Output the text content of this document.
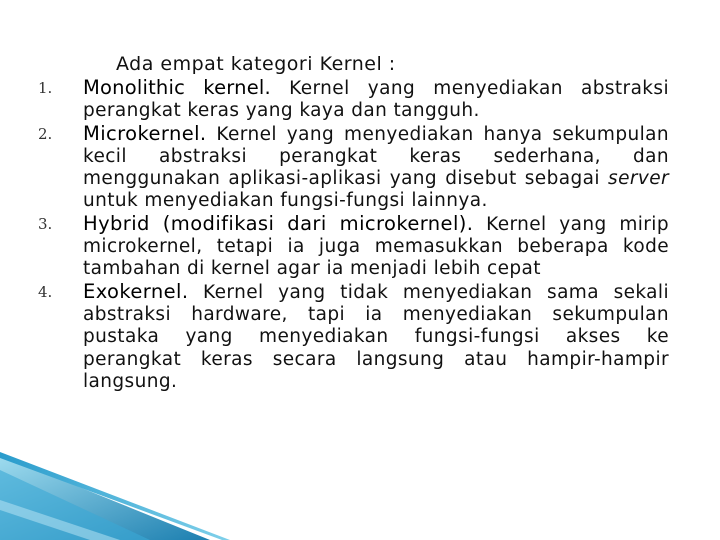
Ada empat kategori Kernel :
1.	Monolithic kernel. Kernel yang menyediakan abstraksi perangkat keras yang kaya dan tangguh.
2.	Microkernel. Kernel yang menyediakan hanya sekumpulan kecil abstraksi perangkat keras sederhana, dan menggunakan aplikasi-aplikasi yang disebut sebagai server untuk menyediakan fungsi-fungsi lainnya.
3.	Hybrid (modifikasi dari microkernel). Kernel yang mirip microkernel, tetapi ia juga memasukkan beberapa kode tambahan di kernel agar ia menjadi lebih cepat
4.	Exokernel. Kernel yang tidak menyediakan sama sekali abstraksi hardware, tapi ia menyediakan sekumpulan pustaka yang menyediakan fungsi-fungsi akses ke perangkat keras secara langsung atau hampir-hampir langsung.
